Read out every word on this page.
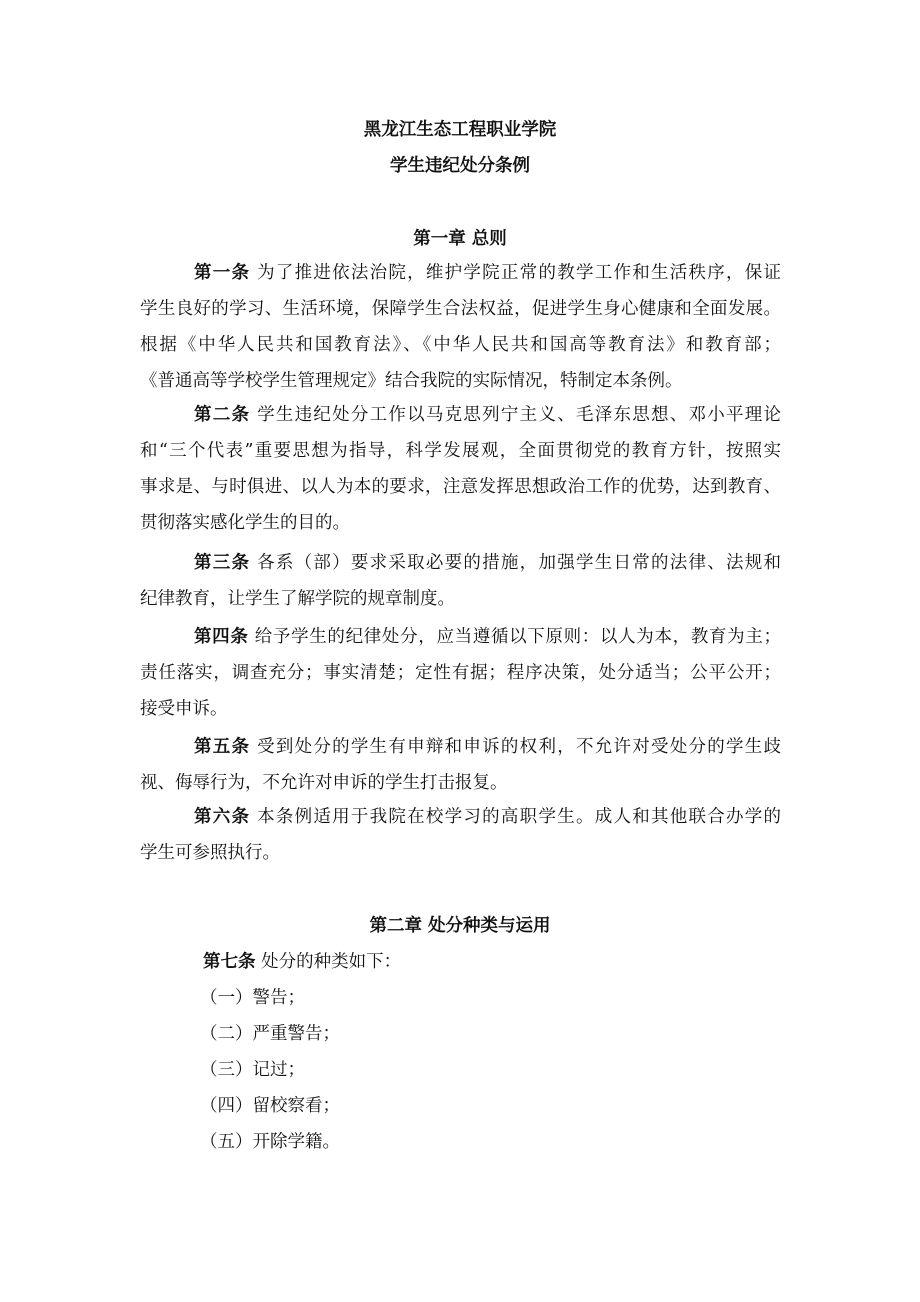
黑龙江生态工程职业学院
学生违纪处分条例
第一章 总则
第一条 为了推进依法治院，维护学院正常的教学工作和生活秩序，保证
学生良好的学习、生活环境，保障学生合法权益，促进学生身心健康和全面发展。
根据《中华人民共和国教育法》、《中华人民共和国高等教育法》和教育部；
《普通高等学校学生管理规定》结合我院的实际情况，特制定本条例。
第二条 学生违纪处分工作以马克思列宁主义、毛泽东思想、邓小平理论
和“三个代表”重要思想为指导，科学发展观，全面贯彻党的教育方针，按照实
事求是、与时俱进、以人为本的要求，注意发挥思想政治工作的优势，达到教育、
贯彻落实感化学生的目的。
第三条 各系（部）要求采取必要的措施，加强学生日常的法律、法规和
纪律教育，让学生了解学院的规章制度。
第四条 给予学生的纪律处分，应当遵循以下原则：以人为本，教育为主；
责任落实，调查充分；事实清楚；定性有据；程序决策，处分适当；公平公开；
接受申诉。
第五条 受到处分的学生有申辩和申诉的权利，不允许对受处分的学生歧
视、侮辱行为，不允许对申诉的学生打击报复。
第六条 本条例适用于我院在校学习的高职学生。成人和其他联合办学的
学生可参照执行。
第二章 处分种类与运用
第七条 处分的种类如下：
（一）警告；
（二）严重警告；
（三）记过；
（四）留校察看；
（五）开除学籍。
